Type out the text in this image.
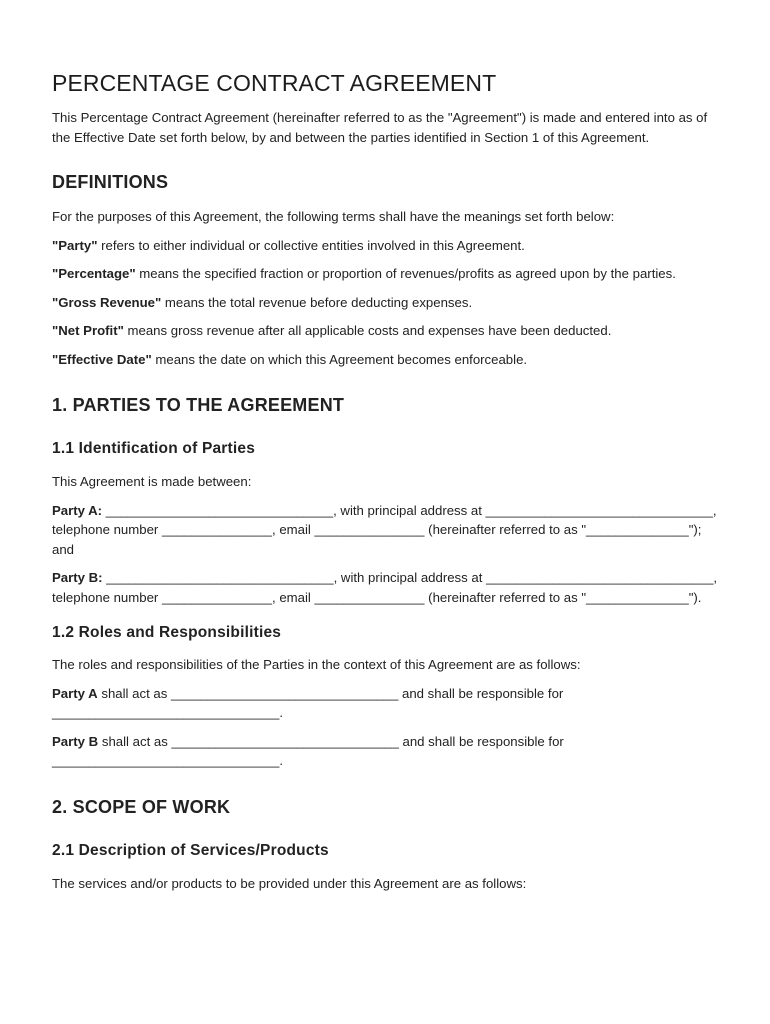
PERCENTAGE CONTRACT AGREEMENT

This Percentage Contract Agreement (hereinafter referred to as the "Agreement") is made and entered into as of the Effective Date set forth below, by and between the parties identified in Section 1 of this Agreement.

DEFINITIONS

For the purposes of this Agreement, the following terms shall have the meanings set forth below:

"Party" refers to either individual or collective entities involved in this Agreement.

"Percentage" means the specified fraction or proportion of revenues/profits as agreed upon by the parties.

"Gross Revenue" means the total revenue before deducting expenses.

"Net Profit" means gross revenue after all applicable costs and expenses have been deducted.

"Effective Date" means the date on which this Agreement becomes enforceable.

1. PARTIES TO THE AGREEMENT
1.1 Identification of Parties

This Agreement is made between:

Party A: _______________________________, with principal address at _______________________________, telephone number _______________, email _______________ (hereinafter referred to as "______________"); and

Party B: _______________________________, with principal address at _______________________________, telephone number _______________, email _______________ (hereinafter referred to as "______________").

1.2 Roles and Responsibilities

The roles and responsibilities of the Parties in the context of this Agreement are as follows:

Party A shall act as _______________________________ and shall be responsible for _______________________________.

Party B shall act as _______________________________ and shall be responsible for _______________________________.

2. SCOPE OF WORK
2.1 Description of Services/Products

The services and/or products to be provided under this Agreement are as follows:
